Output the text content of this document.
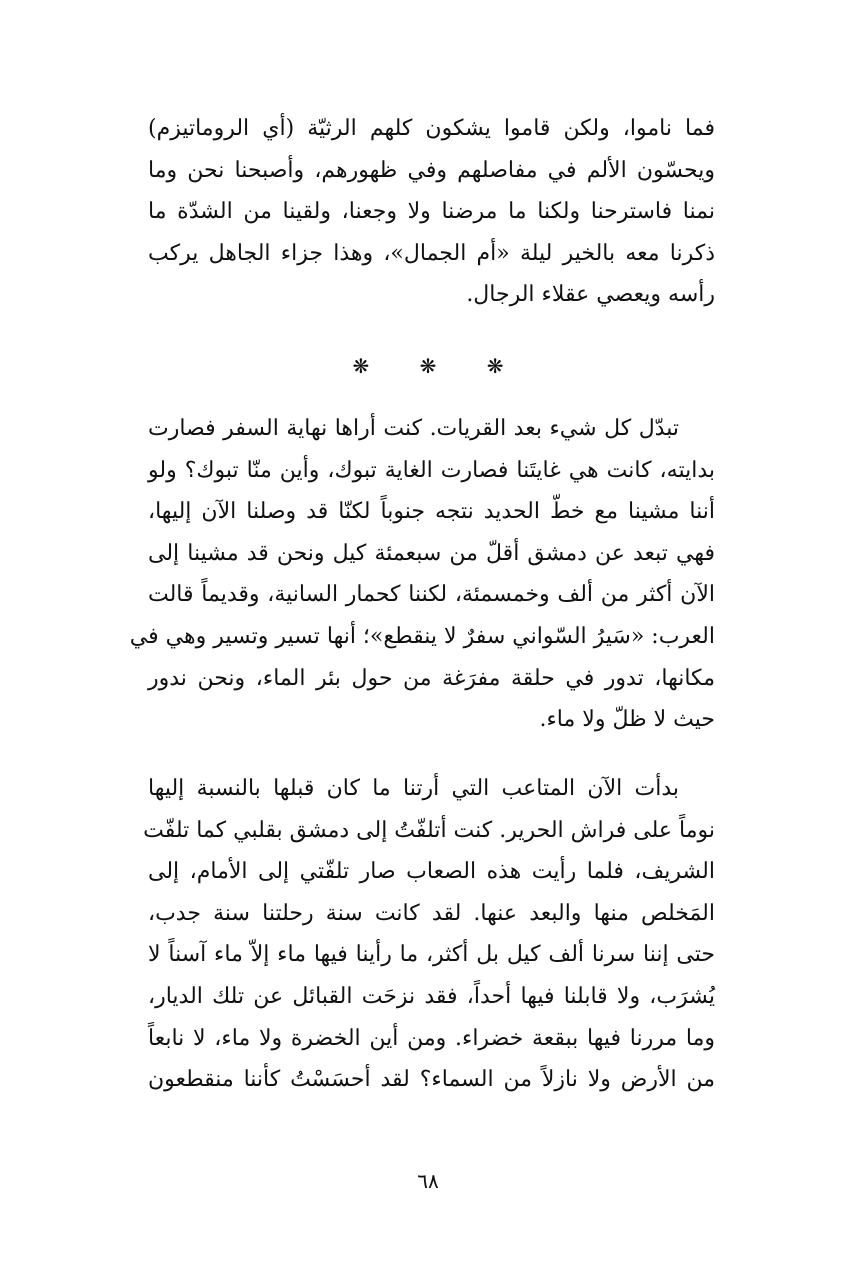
فما ناموا، ولكن قاموا يشكون كلهم الرثيّة (أي الروماتيزم)
ويحسّون الألم في مفاصلهم وفي ظهورهم، وأصبحنا نحن وما
نمنا فاسترحنا ولكنا ما مرضنا ولا وجعنا، ولقينا من الشدّة ما
ذكرنا معه بالخير ليلة «أم الجمال»، وهذا جزاء الجاهل يركب
رأسه ويعصي عقلاء الرجال.
❋ ❋ ❋
تبدّل كل شيء بعد القريات. كنت أراها نهاية السفر فصارت
بدايته، كانت هي غايتَنا فصارت الغاية تبوك، وأين منّا تبوك؟ ولو
أننا مشينا مع خطّ الحديد نتجه جنوباً لكنّا قد وصلنا الآن إليها،
فهي تبعد عن دمشق أقلّ من سبعمئة كيل ونحن قد مشينا إلى
الآن أكثر من ألف وخمسمئة، لكننا كحمار السانية، وقديماً قالت
العرب: «سَيرُ السّواني سفرٌ لا ينقطع»؛ أنها تسير وتسير وهي في
مكانها، تدور في حلقة مفرَغة من حول بئر الماء، ونحن ندور
حيث لا ظلّ ولا ماء.
بدأت الآن المتاعب التي أرتنا ما كان قبلها بالنسبة إليها
نوماً على فراش الحرير. كنت أتلفّتُ إلى دمشق بقلبي كما تلفّت
الشريف، فلما رأيت هذه الصعاب صار تلفّتي إلى الأمام، إلى
المَخلص منها والبعد عنها. لقد كانت سنة رحلتنا سنة جدب،
حتى إننا سرنا ألف كيل بل أكثر، ما رأينا فيها ماء إلاّ ماء آسناً لا
يُشرَب، ولا قابلنا فيها أحداً، فقد نزحَت القبائل عن تلك الديار،
وما مررنا فيها ببقعة خضراء. ومن أين الخضرة ولا ماء، لا نابعاً
من الأرض ولا نازلاً من السماء؟ لقد أحسَسْتُ كأننا منقطعون
٦٨
